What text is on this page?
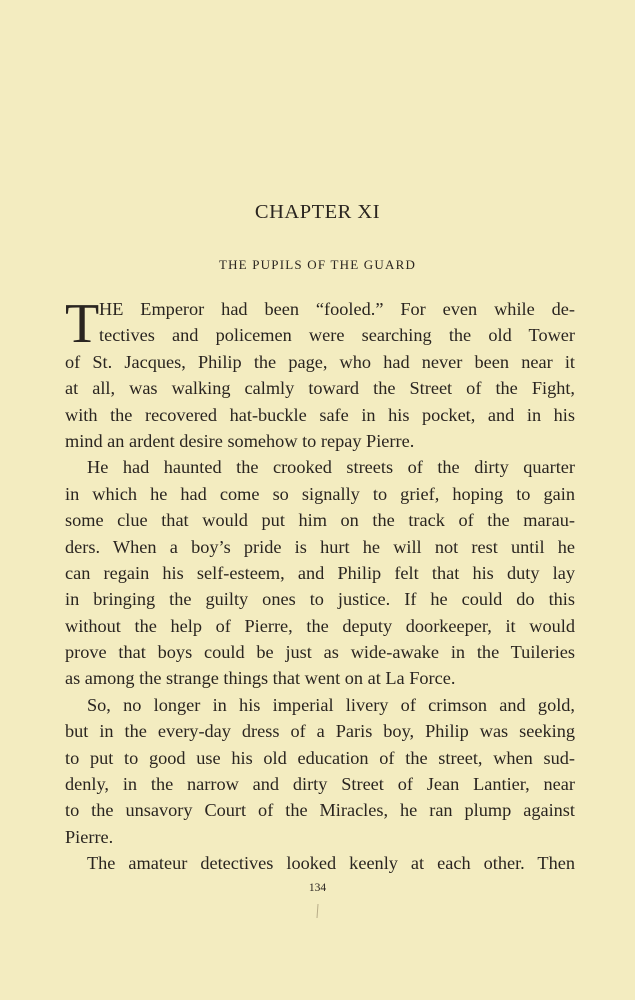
CHAPTER XI
THE PUPILS OF THE GUARD
T HE Emperor had been “fooled.” For even while de-
tectives and policemen were searching the old Tower
of St. Jacques, Philip the page, who had never been near it
at all, was walking calmly toward the Street of the Fight,
with the recovered hat-buckle safe in his pocket, and in his
mind an ardent desire somehow to repay Pierre.
He had haunted the crooked streets of the dirty quarter
in which he had come so signally to grief, hoping to gain
some clue that would put him on the track of the marau-
ders. When a boy’s pride is hurt he will not rest until he
can regain his self-esteem, and Philip felt that his duty lay
in bringing the guilty ones to justice. If he could do this
without the help of Pierre, the deputy doorkeeper, it would
prove that boys could be just as wide-awake in the Tuileries
as among the strange things that went on at La Force.
So, no longer in his imperial livery of crimson and gold,
but in the every-day dress of a Paris boy, Philip was seeking
to put to good use his old education of the street, when sud-
denly, in the narrow and dirty Street of Jean Lantier, near
to the unsavory Court of the Miracles, he ran plump against
Pierre.
The amateur detectives looked keenly at each other. Then

134
